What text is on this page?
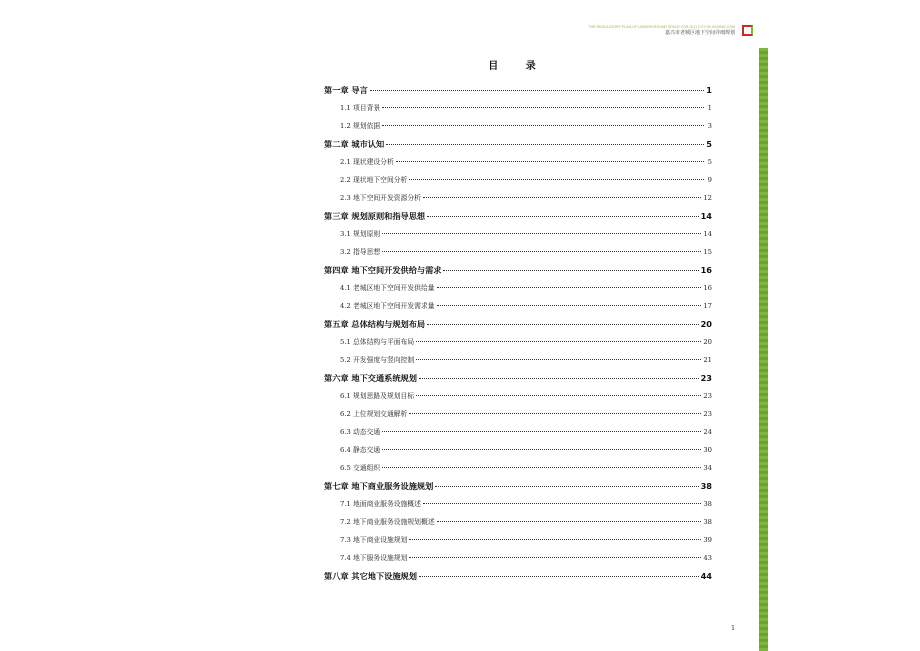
THE REGULATORY PLAN OF UNDERGROUND SPACE FOR OLD CITY IN JIAXING.COM
嘉兴市老城区地下空间详细规划
目 录
第一章 导言	1
1.1 项目背景	1
1.2 规划依据	3
第二章 城市认知	5
2.1 现状建设分析	5
2.2 现状地下空间分析	9
2.3 地下空间开发资源分析	12
第三章 规划原则和指导思想	14
3.1 规划原则	14
3.2 指导思想	15
第四章 地下空间开发供给与需求	16
4.1 老城区地下空间开发供给量	16
4.2 老城区地下空间开发需求量	17
第五章 总体结构与规划布局	20
5.1 总体结构与平面布局	20
5.2 开发强度与竖向控制	21
第六章 地下交通系统规划	23
6.1 规划思路及规划目标	23
6.2 上位规划交通解析	23
6.3 动态交通	24
6.4 静态交通	30
6.5 交通组织	34
第七章 地下商业服务设施规划	38
7.1 地面商业服务设施概述	38
7.2 地下商业服务设施规划概述	38
7.3 地下商业设施规划	39
7.4 地下服务设施规划	43
第八章 其它地下设施规划	44
1
